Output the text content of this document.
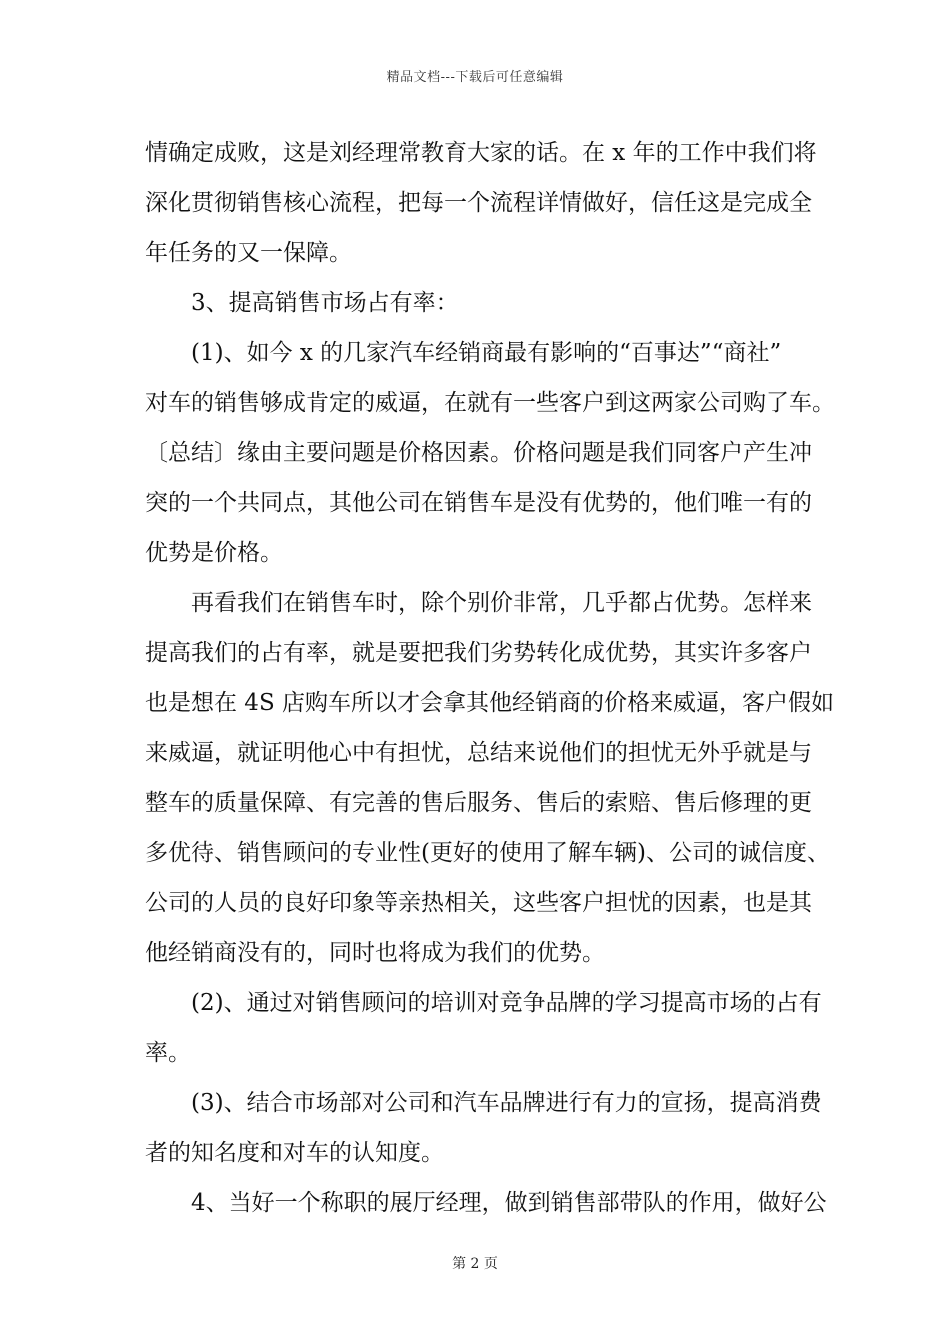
精品文档---下载后可任意编辑
情确定成败，这是刘经理常教育大家的话。在 x 年的工作中我们将
深化贯彻销售核心流程，把每一个流程详情做好，信任这是完成全
年任务的又一保障。
3、提高销售市场占有率：
(1)、如今 x 的几家汽车经销商最有影响的“百事达”“商社”
对车的销售够成肯定的威逼，在就有一些客户到这两家公司购了车。
〔总结〕缘由主要问题是价格因素。价格问题是我们同客户产生冲
突的一个共同点，其他公司在销售车是没有优势的，他们唯一有的
优势是价格。
再看我们在销售车时，除个别价非常，几乎都占优势。怎样来
提高我们的占有率，就是要把我们劣势转化成优势，其实许多客户
也是想在 4S 店购车所以才会拿其他经销商的价格来威逼，客户假如
来威逼，就证明他心中有担忧，总结来说他们的担忧无外乎就是与
整车的质量保障、有完善的售后服务、售后的索赔、售后修理的更
多优待、销售顾问的专业性(更好的使用了解车辆)、公司的诚信度、
公司的人员的良好印象等亲热相关，这些客户担忧的因素，也是其
他经销商没有的，同时也将成为我们的优势。
(2)、通过对销售顾问的培训对竞争品牌的学习提高市场的占有
率。
(3)、结合市场部对公司和汽车品牌进行有力的宣扬，提高消费
者的知名度和对车的认知度。
4、当好一个称职的展厅经理，做到销售部带队的作用，做好公
第 2 页
